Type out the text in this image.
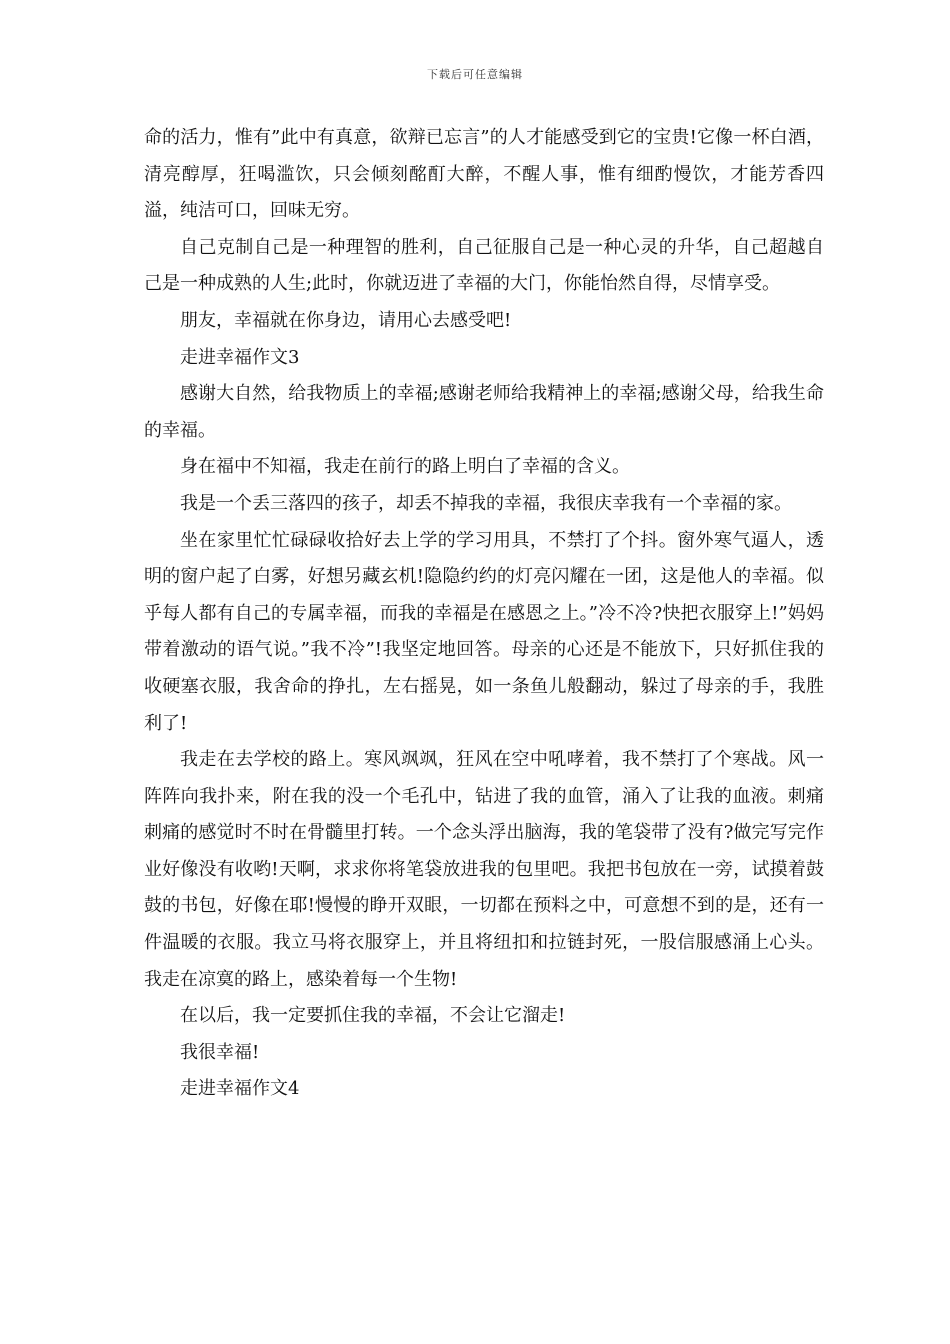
下载后可任意编辑

命的活力，惟有”此中有真意，欲辩已忘言”的人才能感受到它的宝贵!它像一杯白酒，清亮醇厚，狂喝滥饮，只会倾刻酩酊大醉，不醒人事，惟有细酌慢饮，才能芳香四溢，纯洁可口，回味无穷。

自己克制自己是一种理智的胜利，自己征服自己是一种心灵的升华，自己超越自己是一种成熟的人生;此时，你就迈进了幸福的大门，你能怡然自得，尽情享受。

朋友，幸福就在你身边，请用心去感受吧!

走进幸福作文3

感谢大自然，给我物质上的幸福;感谢老师给我精神上的幸福;感谢父母，给我生命的幸福。

身在福中不知福，我走在前行的路上明白了幸福的含义。

我是一个丢三落四的孩子，却丢不掉我的幸福，我很庆幸我有一个幸福的家。

坐在家里忙忙碌碌收拾好去上学的学习用具，不禁打了个抖。窗外寒气逼人，透明的窗户起了白雾，好想另藏玄机!隐隐约约的灯亮闪耀在一团，这是他人的幸福。似乎每人都有自己的专属幸福，而我的幸福是在感恩之上。”冷不冷?快把衣服穿上!”妈妈带着激动的语气说。”我不冷”!我坚定地回答。母亲的心还是不能放下，只好抓住我的收硬塞衣服，我舍命的挣扎，左右摇晃，如一条鱼儿般翻动，躲过了母亲的手，我胜利了!

我走在去学校的路上。寒风飒飒，狂风在空中吼哮着，我不禁打了个寒战。风一阵阵向我扑来，附在我的没一个毛孔中，钻进了我的血管，涌入了让我的血液。刺痛刺痛的感觉时不时在骨髓里打转。一个念头浮出脑海，我的笔袋带了没有?做完写完作业好像没有收哟!天啊，求求你将笔袋放进我的包里吧。我把书包放在一旁，试摸着鼓鼓的书包，好像在耶!慢慢的睁开双眼，一切都在预料之中，可意想不到的是，还有一件温暖的衣服。我立马将衣服穿上，并且将纽扣和拉链封死，一股信服感涌上心头。我走在凉寞的路上，感染着每一个生物!

在以后，我一定要抓住我的幸福，不会让它溜走!

我很幸福!

走进幸福作文4
